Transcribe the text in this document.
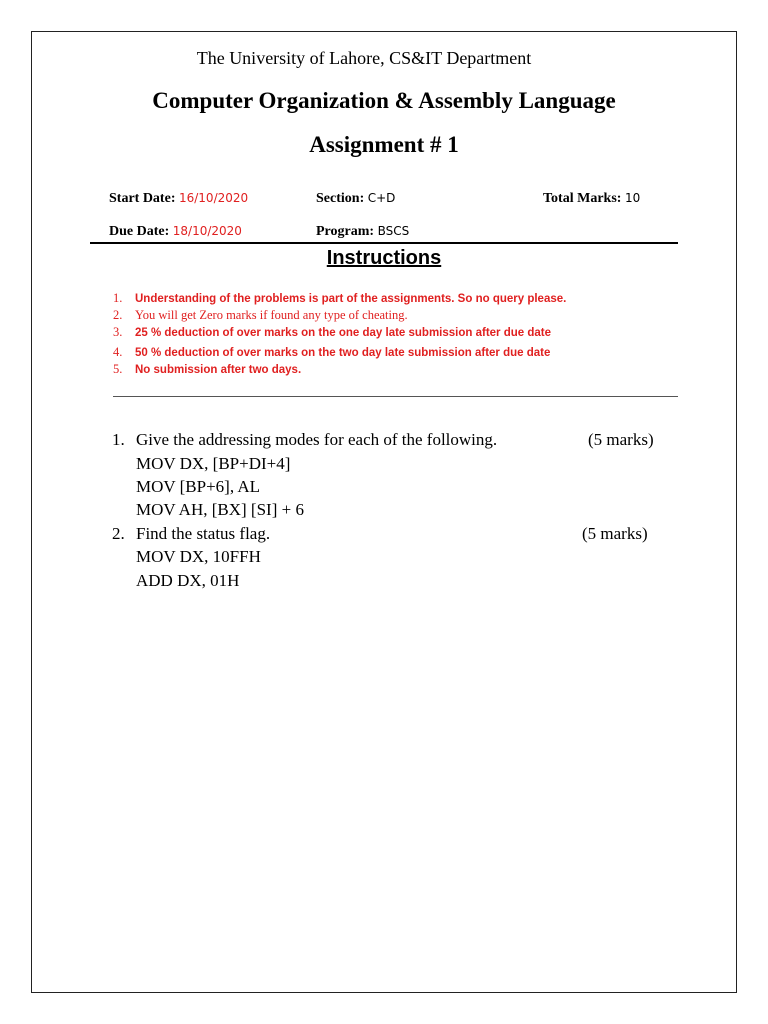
The University of Lahore, CS&IT Department
Computer Organization & Assembly Language
Assignment # 1
Start Date: 16/10/2020	Section: C+D	Total Marks: 10
Due Date: 18/10/2020	Program: BSCS
Instructions
1. Understanding of the problems is part of the assignments. So no query please.
2. You will get Zero marks if found any type of cheating.
3. 25 % deduction of over marks on the one day late submission after due date
4. 50 % deduction of over marks on the two day late submission after due date
5. No submission after two days.
1. Give the addressing modes for each of the following.	(5 marks)
MOV DX, [BP+DI+4]
MOV [BP+6], AL
MOV AH, [BX] [SI] + 6
2. Find the status flag.	(5 marks)
MOV DX, 10FFH
ADD DX, 01H
